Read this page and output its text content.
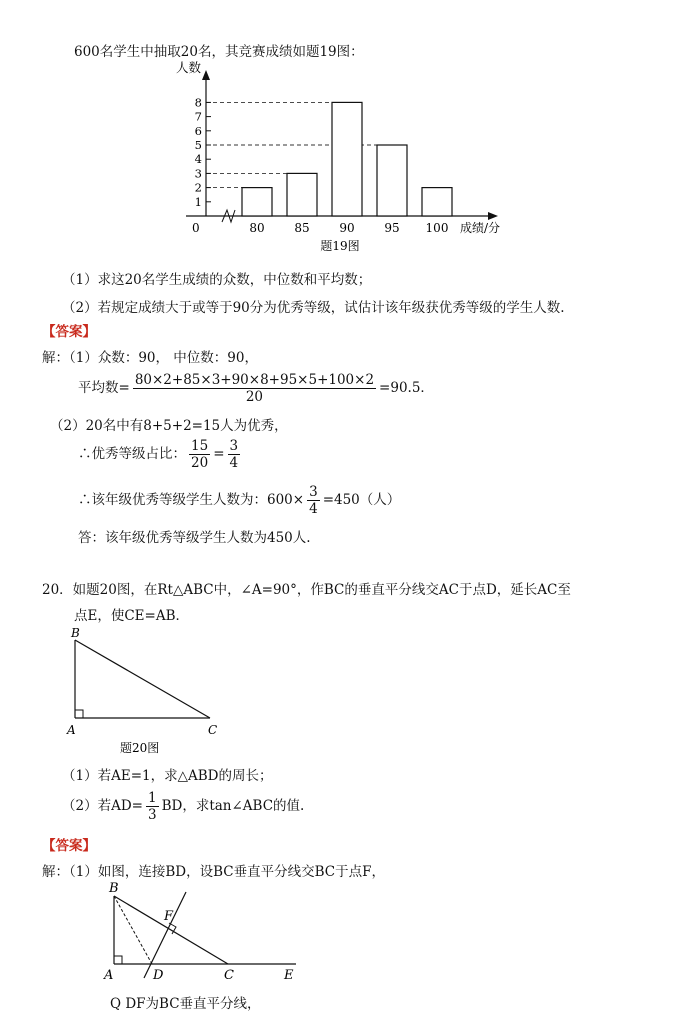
600名学生中抽取20名，其竞赛成绩如题19图：
1
2
3
4
5
6
7
8
人数
0	80 85 90 95 100 成绩/分
题19图
（1）求这20名学生成绩的众数，中位数和平均数；
（2）若规定成绩大于或等于90分为优秀等级，试估计该年级获优秀等级的学生人数.
【答案】
解：（1）众数：90， 中位数：90，
平均数= $\frac{80\times 2+85\times 3+90\times 8+95\times 5+100\times 2}{20} =90.5$．
（2）20名中有8+5+2=15人为优秀，
∴优秀等级占比： $\frac{15}{20} = \frac{3}{4}$
∴该年级优秀等级学生人数为：$600\times \frac{3}{4} =450$（人）
答：该年级优秀等级学生人数为450人.
20．如题20图，在Rt△ABC中，∠A=90°，作BC的垂直平分线交AC于点D，延长AC至
点E，使CE=AB．
B
A	C
题20图
（1）若AE=1，求△ABD的周长；
（2）若$AD= \frac{1}{3}$ BD，求tan∠ABC的值.
【答案】
解：（1）如图，连接BD，设BC垂直平分线交BC于点F，
B
F
A	D	C	E
Q DF为BC垂直平分线，
